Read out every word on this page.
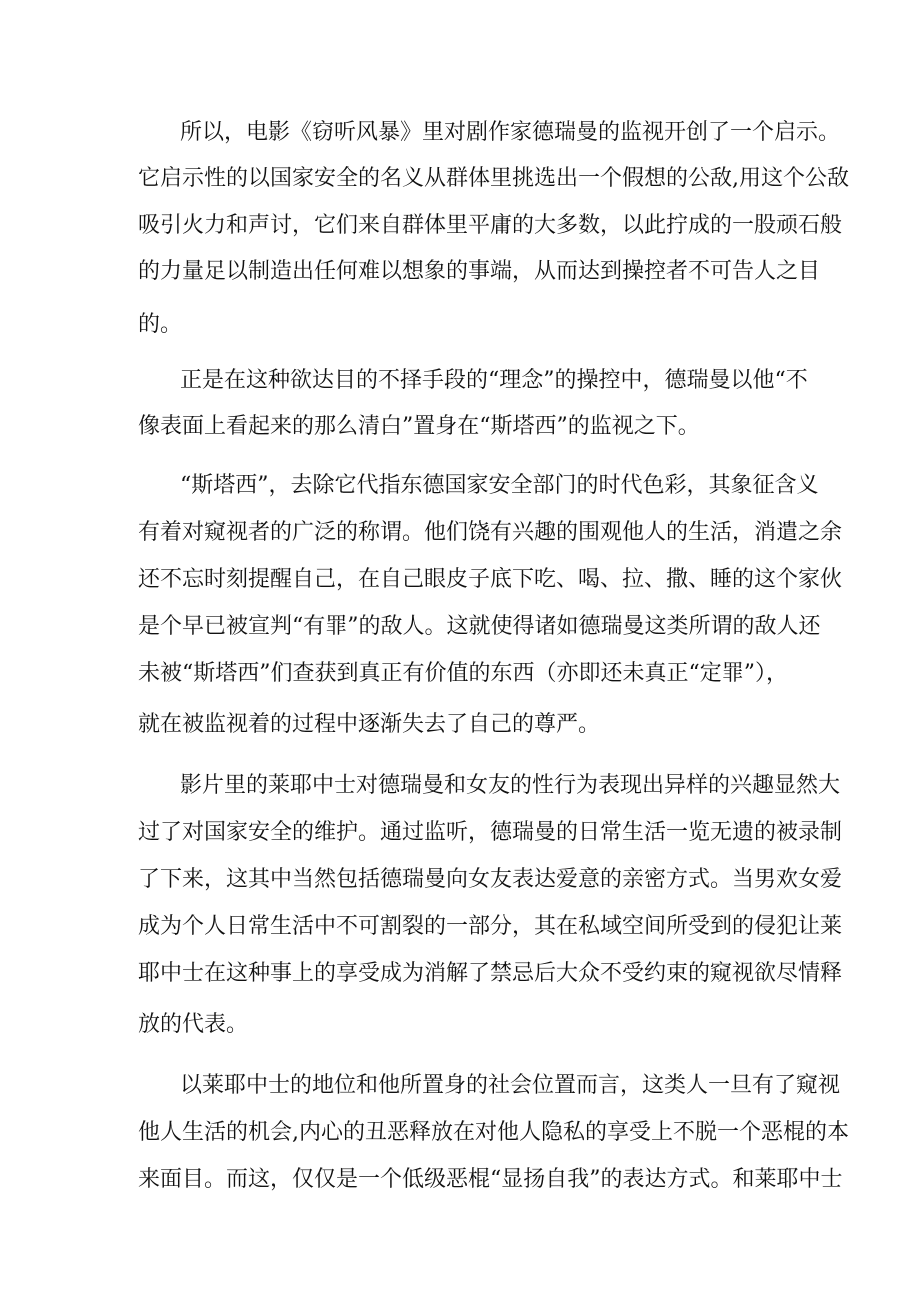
所以，电影《窃听风暴》里对剧作家德瑞曼的监视开创了一个启示。
它启示性的以国家安全的名义从群体里挑选出一个假想的公敌,用这个公敌
吸引火力和声讨，它们来自群体里平庸的大多数，以此拧成的一股顽石般
的力量足以制造出任何难以想象的事端，从而达到操控者不可告人之目
的。
正是在这种欲达目的不择手段的“理念”的操控中，德瑞曼以他“不
像表面上看起来的那么清白”置身在“斯塔西”的监视之下。
“斯塔西”，去除它代指东德国家安全部门的时代色彩，其象征含义
有着对窥视者的广泛的称谓。他们饶有兴趣的围观他人的生活，消遣之余
还不忘时刻提醒自己，在自己眼皮子底下吃、喝、拉、撒、睡的这个家伙
是个早已被宣判“有罪”的敌人。这就使得诸如德瑞曼这类所谓的敌人还
未被“斯塔西”们查获到真正有价值的东西（亦即还未真正“定罪”），
就在被监视着的过程中逐渐失去了自己的尊严。
影片里的莱耶中士对德瑞曼和女友的性行为表现出异样的兴趣显然大
过了对国家安全的维护。通过监听，德瑞曼的日常生活一览无遗的被录制
了下来，这其中当然包括德瑞曼向女友表达爱意的亲密方式。当男欢女爱
成为个人日常生活中不可割裂的一部分，其在私域空间所受到的侵犯让莱
耶中士在这种事上的享受成为消解了禁忌后大众不受约束的窥视欲尽情释
放的代表。
以莱耶中士的地位和他所置身的社会位置而言，这类人一旦有了窥视
他人生活的机会,内心的丑恶释放在对他人隐私的享受上不脱一个恶棍的本
来面目。而这，仅仅是一个低级恶棍“显扬自我”的表达方式。和莱耶中士
